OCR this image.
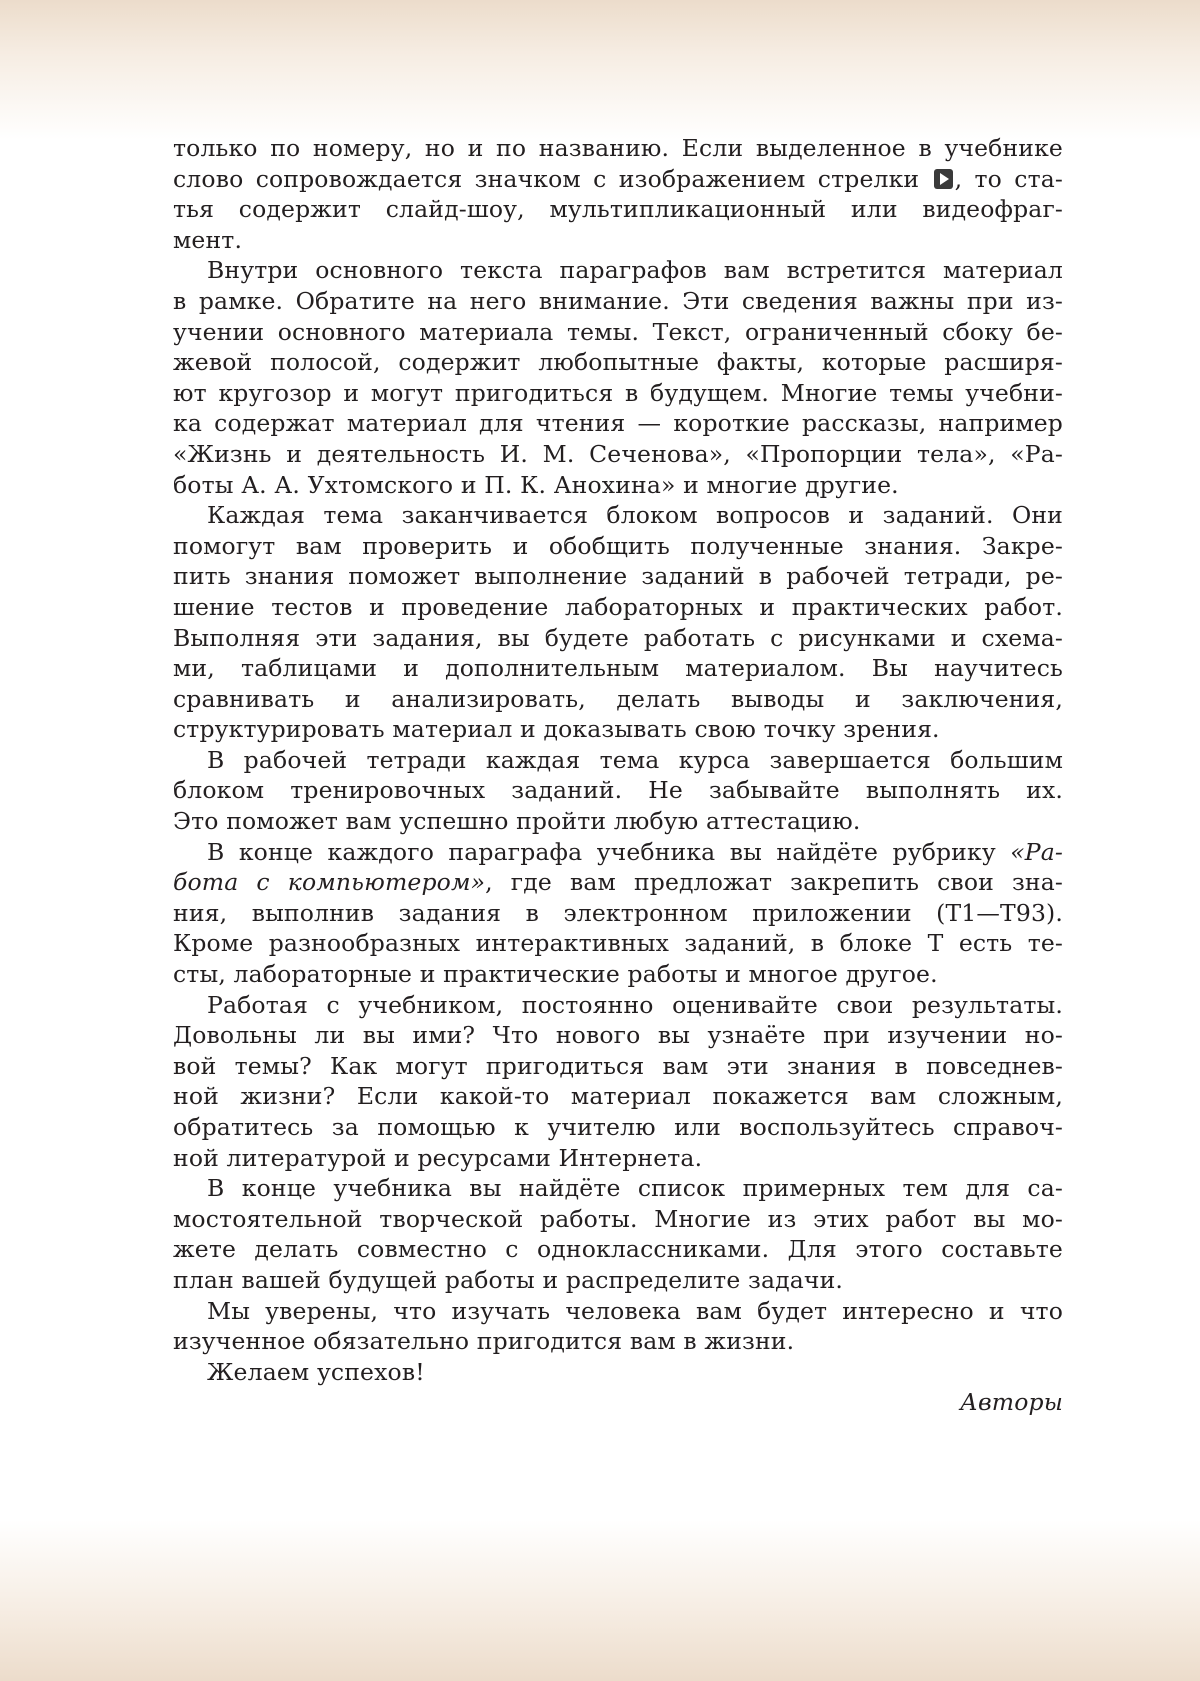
только по номеру, но и по названию. Если выделенное в учебнике
слово сопровождается значком с изображением стрелки , то ста-
тья содержит слайд-шоу, мультипликационный или видеофраг-
мент.
Внутри основного текста параграфов вам встретится материал
в рамке. Обратите на него внимание. Эти сведения важны при из-
учении основного материала темы. Текст, ограниченный сбоку бе-
жевой полосой, содержит любопытные факты, которые расширя-
ют кругозор и могут пригодиться в будущем. Многие темы учебни-
ка содержат материал для чтения — короткие рассказы, например
«Жизнь и деятельность И. М. Сеченова», «Пропорции тела», «Ра-
боты А. А. Ухтомского и П. К. Анохина» и многие другие.
Каждая тема заканчивается блоком вопросов и заданий. Они
помогут вам проверить и обобщить полученные знания. Закре-
пить знания поможет выполнение заданий в рабочей тетради, ре-
шение тестов и проведение лабораторных и практических работ.
Выполняя эти задания, вы будете работать с рисунками и схема-
ми, таблицами и дополнительным материалом. Вы научитесь
сравнивать и анализировать, делать выводы и заключения,
структурировать материал и доказывать свою точку зрения.
В рабочей тетради каждая тема курса завершается большим
блоком тренировочных заданий. Не забывайте выполнять их.
Это поможет вам успешно пройти любую аттестацию.
В конце каждого параграфа учебника вы найдёте рубрику «Ра-
бота с компьютером», где вам предложат закрепить свои зна-
ния, выполнив задания в электронном приложении (Т1—Т93).
Кроме разнообразных интерактивных заданий, в блоке Т есть те-
сты, лабораторные и практические работы и многое другое.
Работая с учебником, постоянно оценивайте свои результаты.
Довольны ли вы ими? Что нового вы узнаёте при изучении но-
вой темы? Как могут пригодиться вам эти знания в повседнев-
ной жизни? Если какой-то материал покажется вам сложным,
обратитесь за помощью к учителю или воспользуйтесь справоч-
ной литературой и ресурсами Интернета.
В конце учебника вы найдёте список примерных тем для са-
мостоятельной творческой работы. Многие из этих работ вы мо-
жете делать совместно с одноклассниками. Для этого составьте
план вашей будущей работы и распределите задачи.
Мы уверены, что изучать человека вам будет интересно и что
изученное обязательно пригодится вам в жизни.
Желаем успехов!
Авторы
